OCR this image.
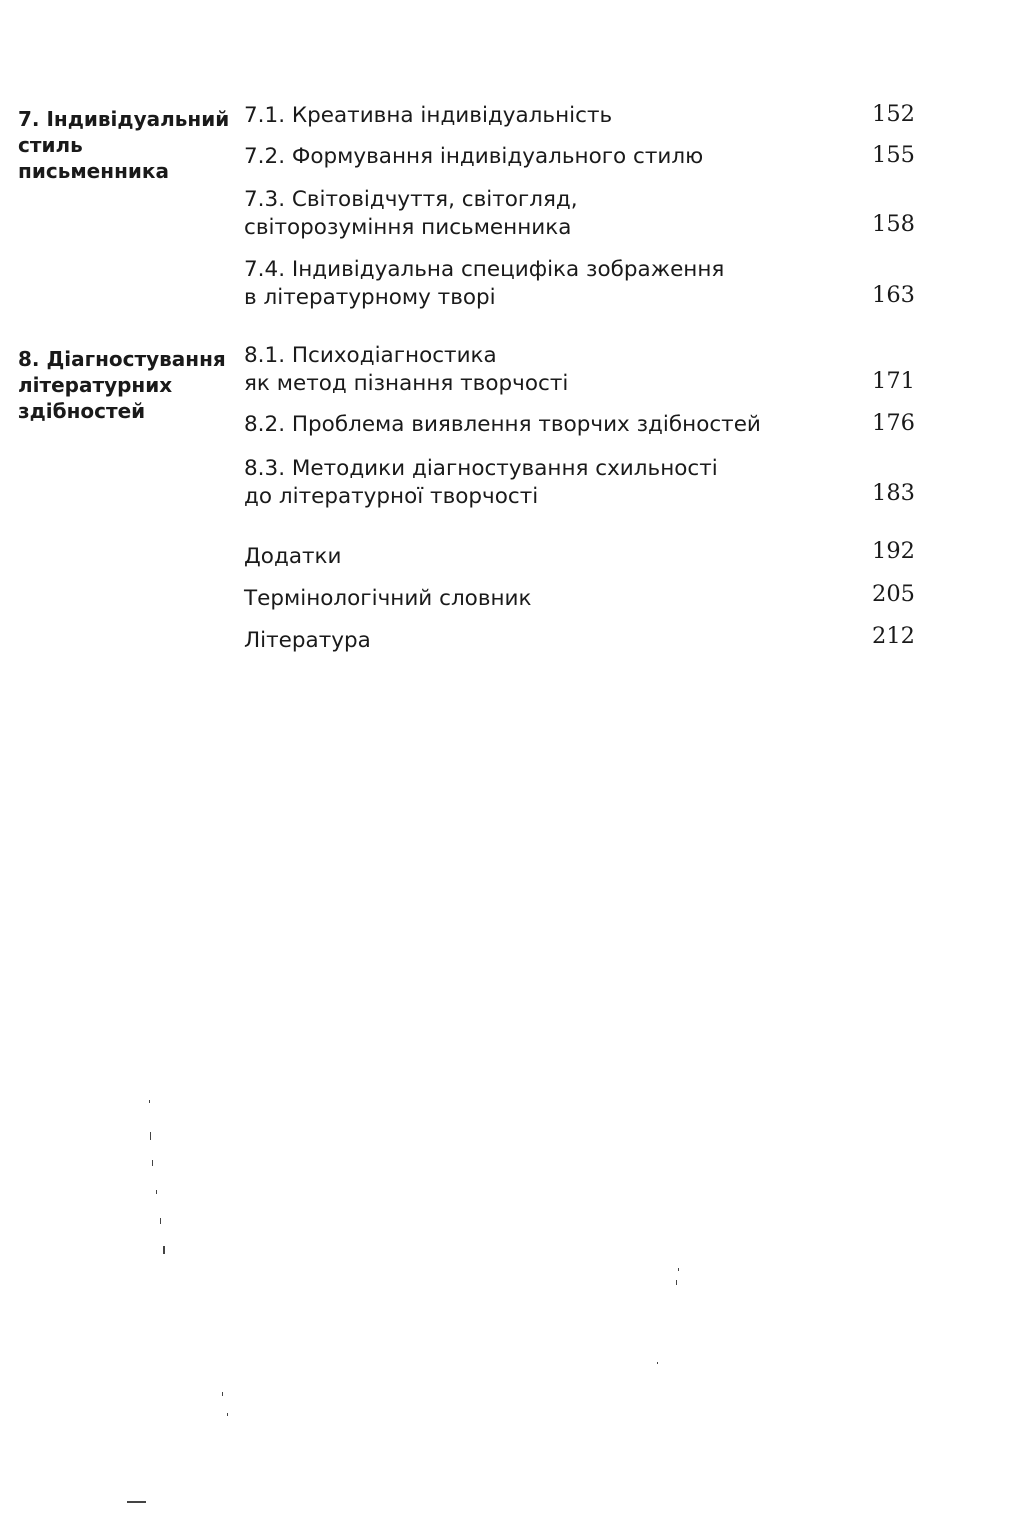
7. Індивідуальний
стиль
письменника
7.1. Креативна індивідуальність	152
7.2. Формування індивідуального стилю	155
7.3. Світовідчуття, світогляд,
світорозуміння письменника	158
7.4. Індивідуальна специфіка зображення
в літературному творі	163
8. Діагностування
літературних
здібностей
8.1. Психодіагностика
як метод пізнання творчості	171
8.2. Проблема виявлення творчих здібностей	176
8.3. Методики діагностування схильності
до літературної творчості	183
Додатки	192
Термінологічний словник	205
Література	212
